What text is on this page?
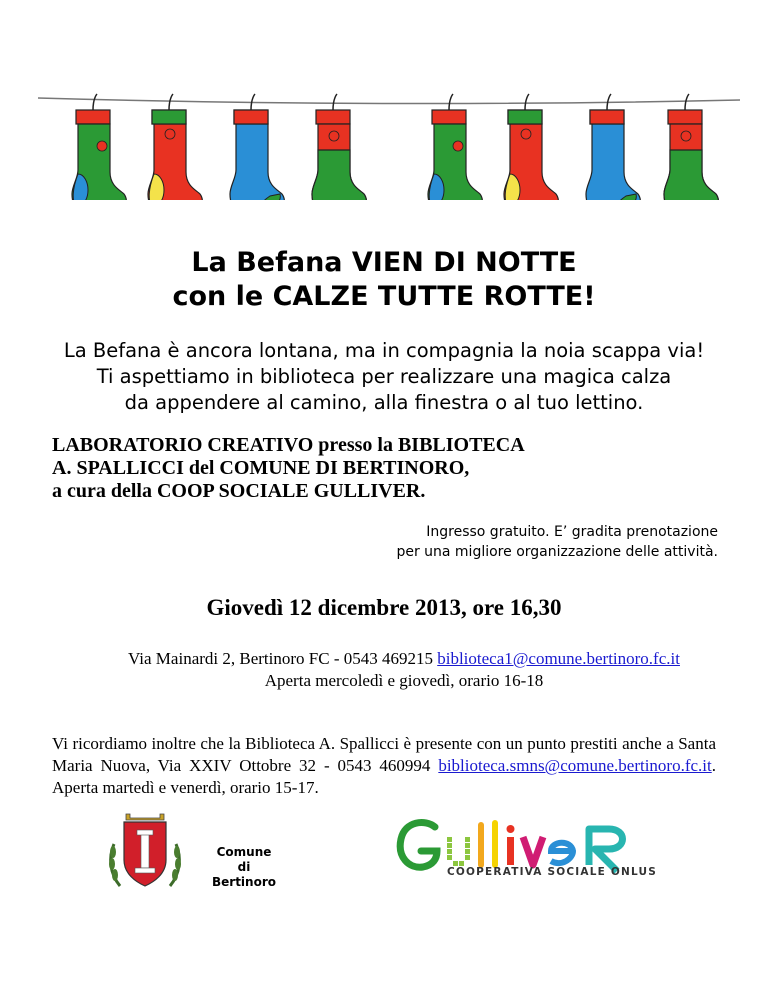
La Befana VIEN DI NOTTE
con le CALZE TUTTE ROTTE!
La Befana è ancora lontana, ma in compagnia la noia scappa via!
Ti aspettiamo in biblioteca per realizzare una magica calza
da appendere al camino, alla finestra o al tuo lettino.
LABORATORIO CREATIVO presso la BIBLIOTECA
A. SPALLICCI del COMUNE DI BERTINORO,
a cura della COOP SOCIALE GULLIVER.
Ingresso gratuito. E’ gradita prenotazione
per una migliore organizzazione delle attività.
Giovedì 12 dicembre 2013, ore 16,30
Via Mainardi 2, Bertinoro FC - 0543 469215 biblioteca1@comune.bertinoro.fc.it
Aperta mercoledì e giovedì, orario 16-18
Vi ricordiamo inoltre che la Biblioteca A. Spallicci è presente con un punto prestiti anche a Santa Maria Nuova, Via XXIV Ottobre 32 - 0543 460994 biblioteca.smns@comune.bertinoro.fc.it. Aperta martedì e venerdì, orario 15-17.
Comune
di Bertinoro
COOPERATIVA SOCIALE ONLUS
